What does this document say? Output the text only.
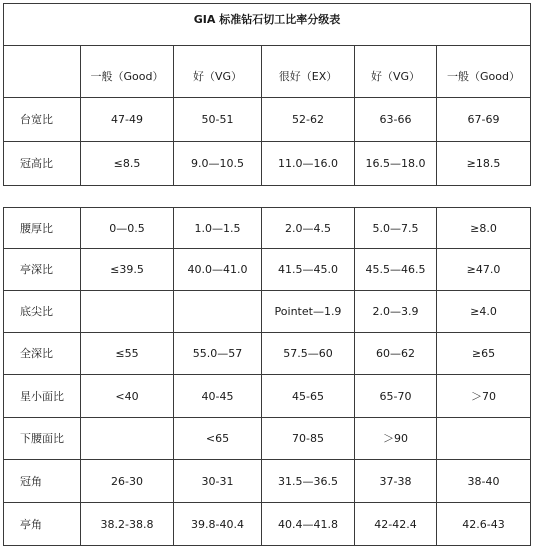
GIA 标准钻石切工比率分级表					
	一般（Good）	好（VG）	很好（EX）	好（VG）	一般（Good）
台宽比	47-49	50-51	52-62	63-66	67-69
冠高比	≤8.5	9.0—10.5	11.0—16.0	16.5—18.0	≥18.5
腰厚比	0—0.5	1.0—1.5	2.0—4.5	5.0—7.5	≥8.0
亭深比	≤39.5	40.0—41.0	41.5—45.0	45.5—46.5	≥47.0
底尖比			Pointet—1.9	2.0—3.9	≥4.0
全深比	≤55	55.0—57	57.5—60	60—62	≥65
星小面比	<40	40-45	45-65	65-70	＞70
下腰面比		<65	70-85	＞90	
冠角	26-30	30-31	31.5—36.5	37-38	38-40
亭角	38.2-38.8	39.8-40.4	40.4—41.8	42-42.4	42.6-43
